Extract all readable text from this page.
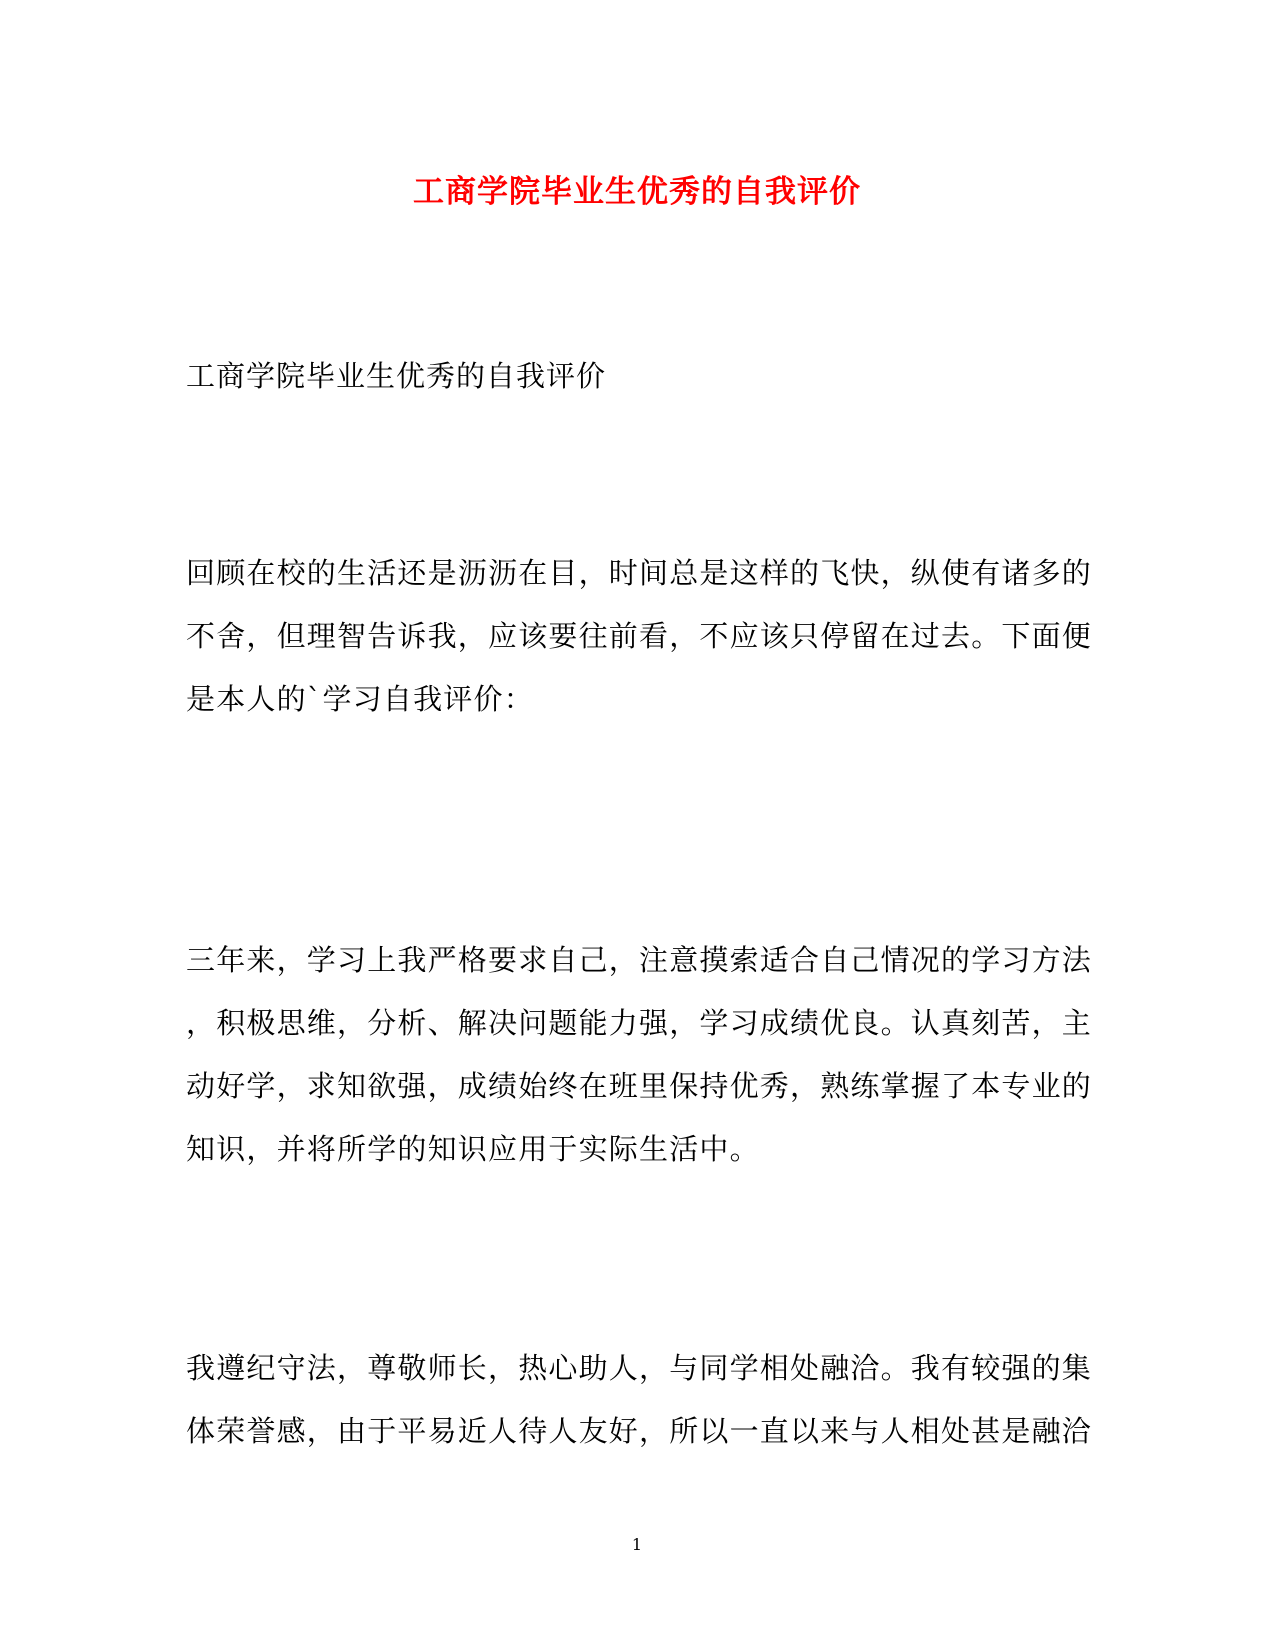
工商学院毕业生优秀的自我评价
工商学院毕业生优秀的自我评价

回顾在校的生活还是沥沥在目，时间总是这样的飞快，纵使有诸多的
不舍，但理智告诉我，应该要往前看，不应该只停留在过去。下面便
是本人的`学习自我评价：

三年来，学习上我严格要求自己，注意摸索适合自己情况的学习方法
，积极思维，分析、解决问题能力强，学习成绩优良。认真刻苦，主
动好学，求知欲强，成绩始终在班里保持优秀，熟练掌握了本专业的
知识，并将所学的知识应用于实际生活中。

我遵纪守法，尊敬师长，热心助人，与同学相处融洽。我有较强的集
体荣誉感，由于平易近人待人友好，所以一直以来与人相处甚是融洽

1
